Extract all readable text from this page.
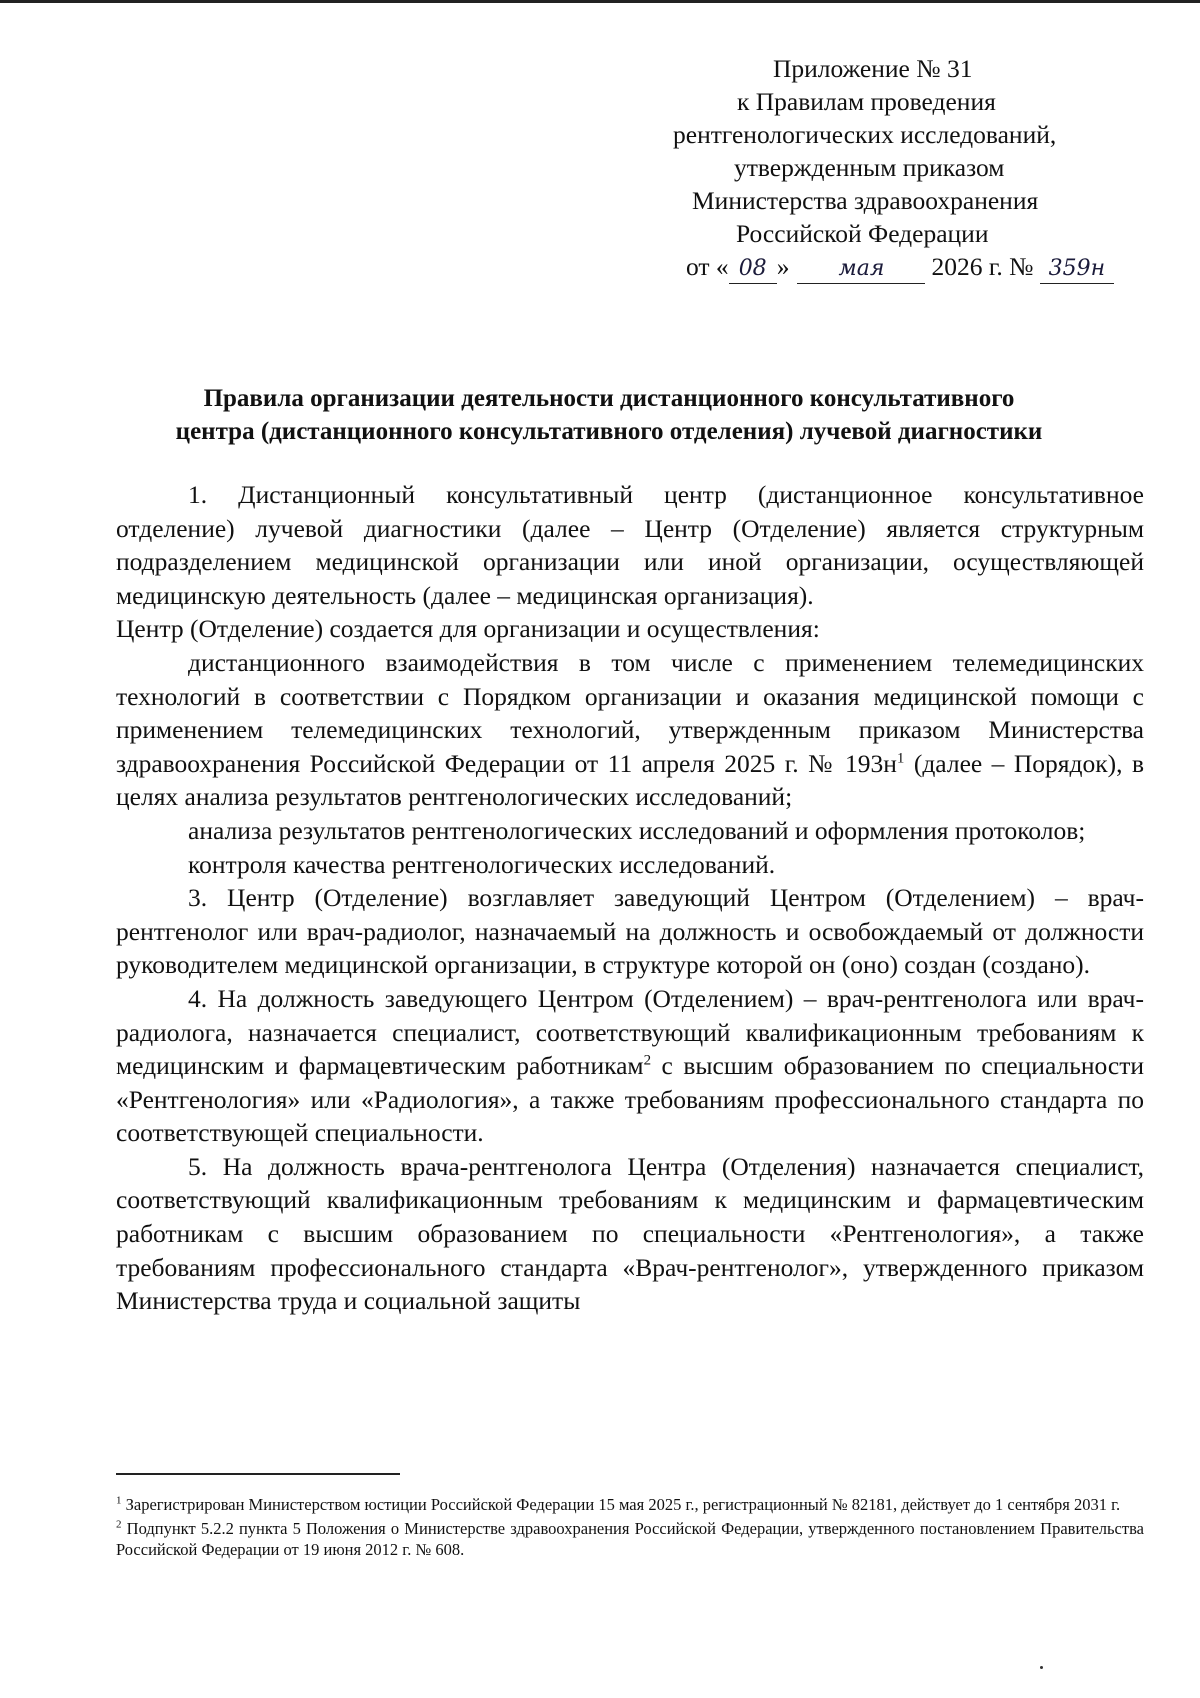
Приложение № 31
к Правилам проведения
рентгенологических исследований,
утвержденным приказом
Министерства здравоохранения
Российской Федерации
от « 08 » мая 2026 г. № 359н
Правила организации деятельности дистанционного консультативного
центра (дистанционного консультативного отделения) лучевой диагностики

1. Дистанционный консультативный центр (дистанционное консультативное отделение) лучевой диагностики (далее – Центр (Отделение) является структурным подразделением медицинской организации или иной организации, осуществляющей медицинскую деятельность (далее – медицинская организация).

Центр (Отделение) создается для организации и осуществления:

дистанционного взаимодействия в том числе с применением телемедицинских технологий в соответствии с Порядком организации и оказания медицинской помощи с применением телемедицинских технологий, утвержденным приказом Министерства здравоохранения Российской Федерации от 11 апреля 2025 г. № $193н^1$ (далее – Порядок), в целях анализа результатов рентгенологических исследований;

анализа результатов рентгенологических исследований и оформления протоколов;

контроля качества рентгенологических исследований.

3. Центр (Отделение) возглавляет заведующий Центром (Отделением) – врач-рентгенолог или врач-радиолог, назначаемый на должность и освобождаемый от должности руководителем медицинской организации, в структуре которой он (оно) создан (создано).

4. На должность заведующего Центром (Отделением) – врач-рентгенолога или врач-радиолога, назначается специалист, соответствующий квалификационным требованиям к медицинским и фармацевтическим работникам$^2$ с высшим образованием по специальности «Рентгенология» или «Радиология», а также требованиям профессионального стандарта по соответствующей специальности.

5. На должность врача-рентгенолога Центра (Отделения) назначается специалист, соответствующий квалификационным требованиям к медицинским и фармацевтическим работникам с высшим образованием по специальности «Рентгенология», а также требованиям профессионального стандарта «Врач-рентгенолог», утвержденного приказом Министерства труда и социальной защиты

$^1$ Зарегистрирован Министерством юстиции Российской Федерации 15 мая 2025 г., регистрационный № 82181, действует до 1 сентября 2031 г.

$^2$ Подпункт 5.2.2 пункта 5 Положения о Министерстве здравоохранения Российской Федерации, утвержденного постановлением Правительства Российской Федерации от 19 июня 2012 г. № 608.
